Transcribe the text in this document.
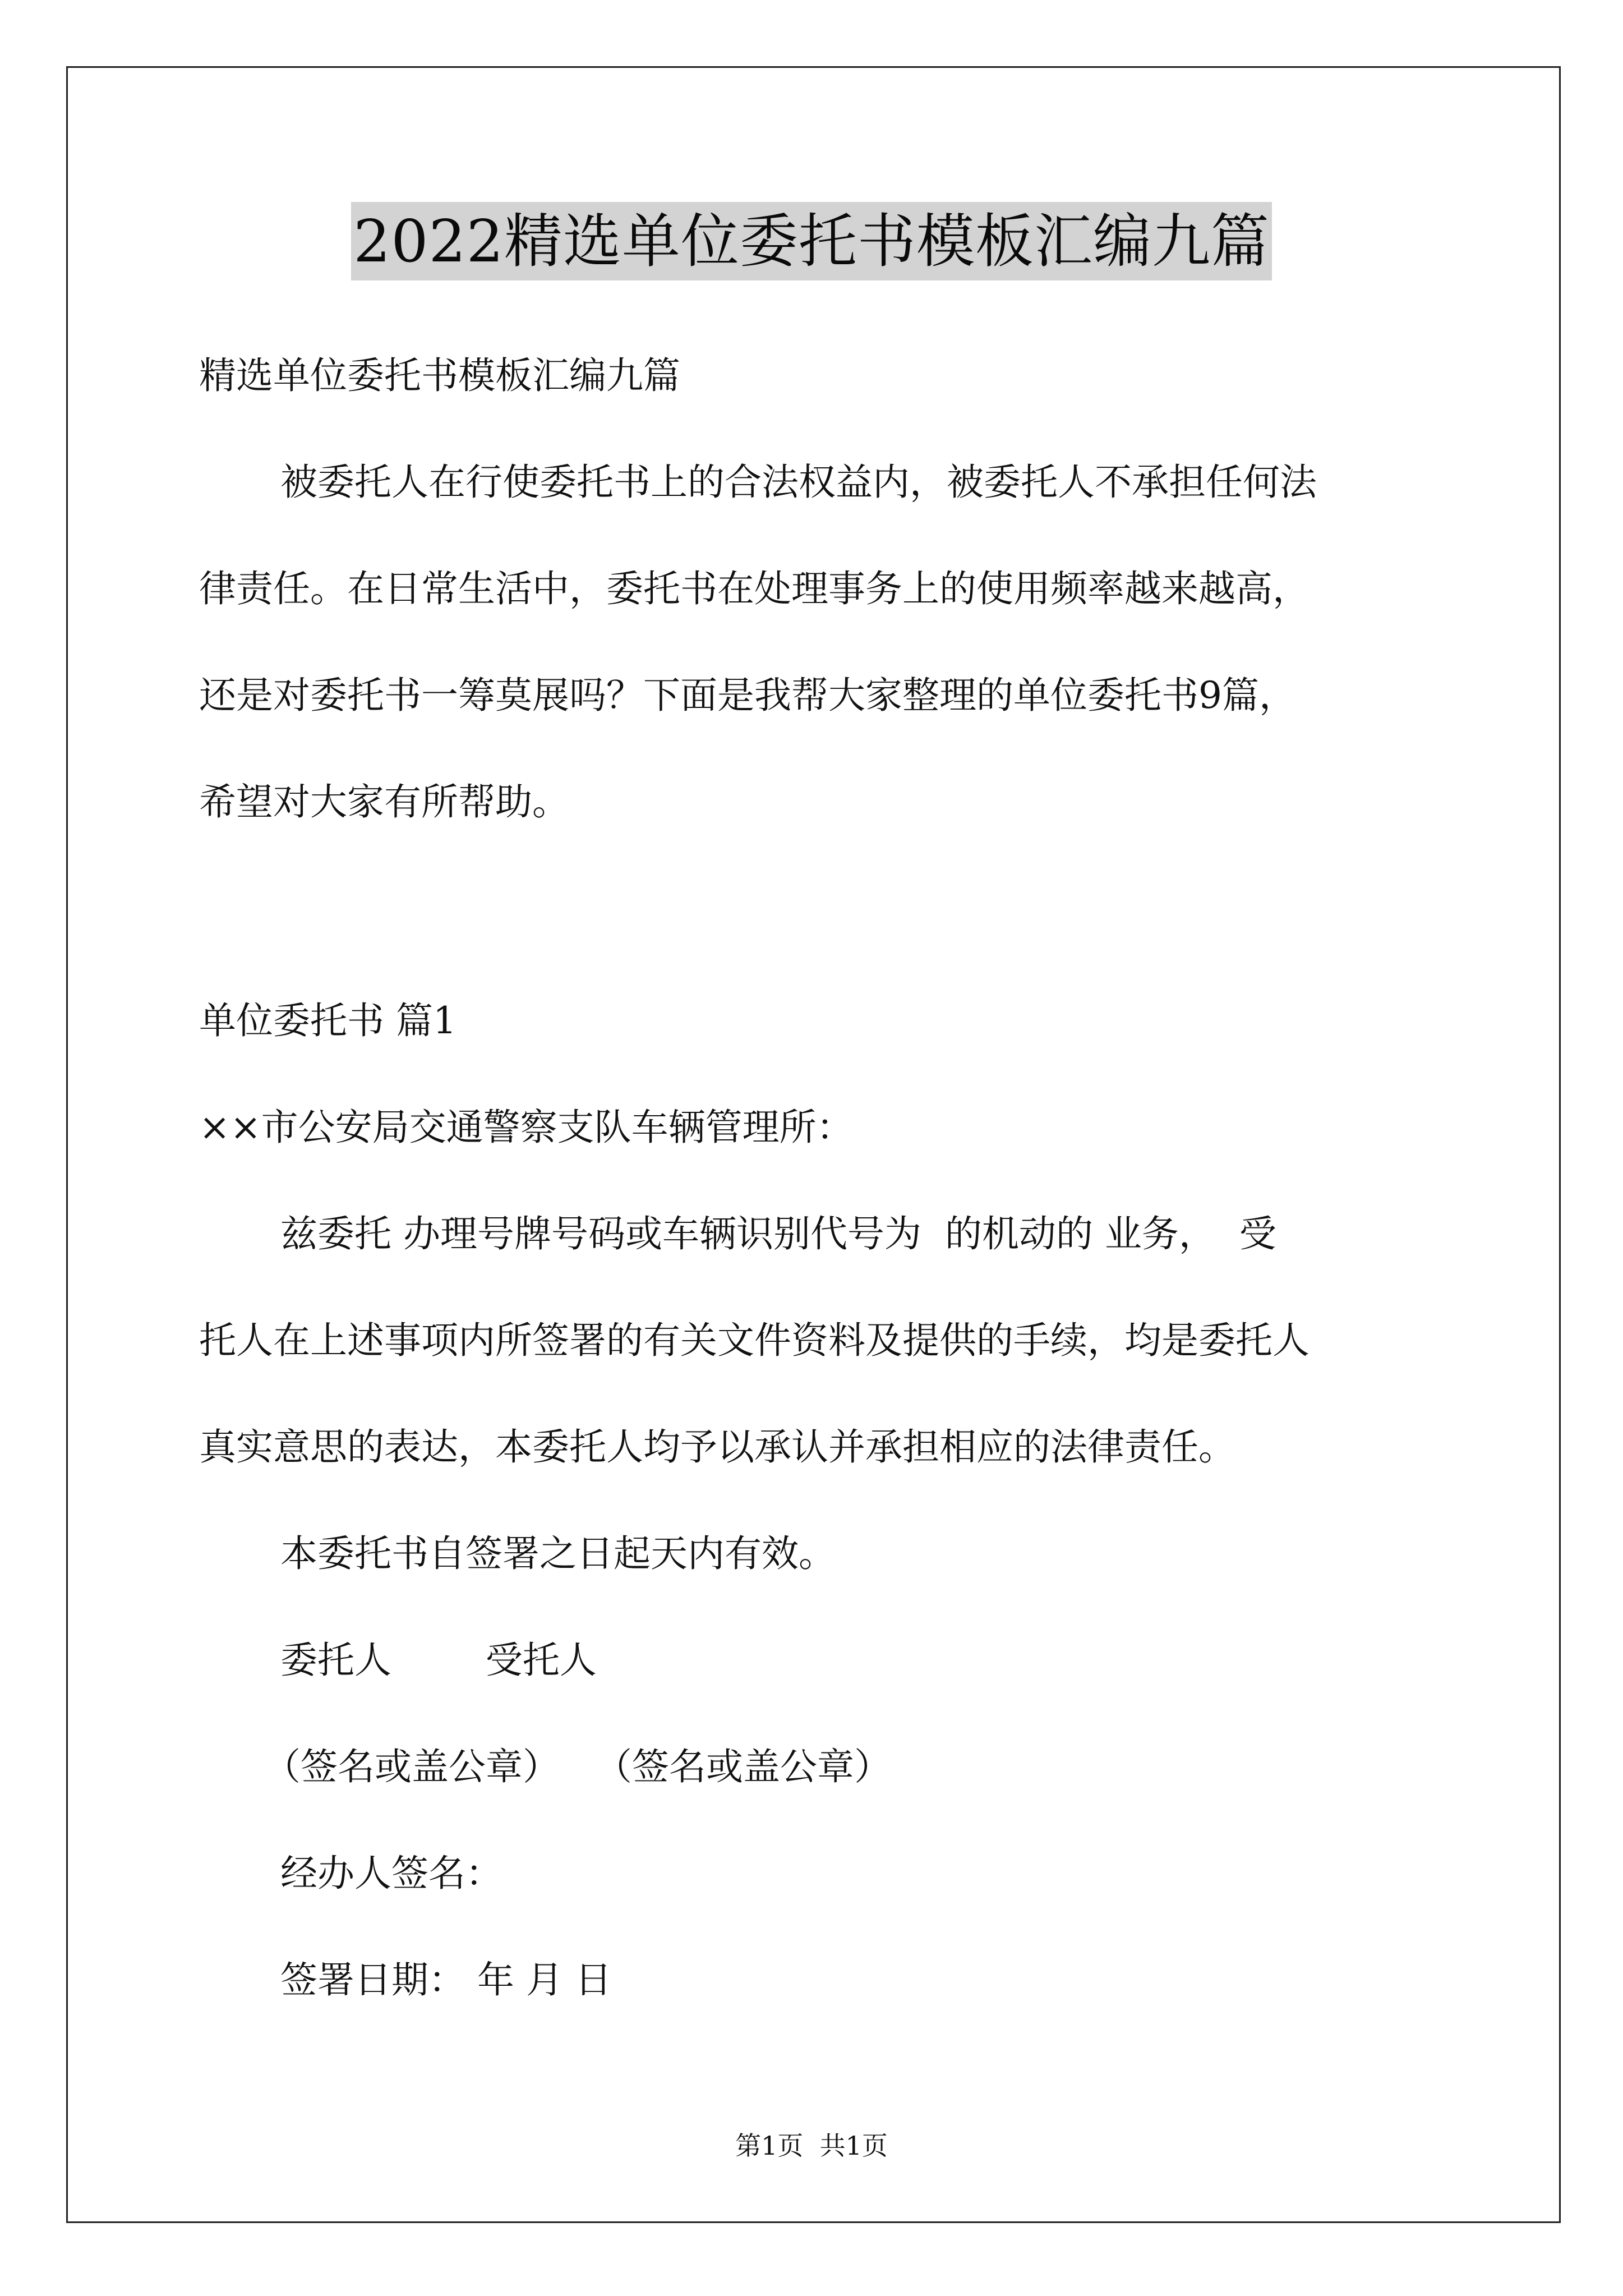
2022精选单位委托书模板汇编九篇
精选单位委托书模板汇编九篇
被委托人在行使委托书上的合法权益内，被委托人不承担任何法
律责任。在日常生活中，委托书在处理事务上的使用频率越来越高，
还是对委托书一筹莫展吗？下面是我帮大家整理的单位委托书9篇，
希望对大家有所帮助。
单位委托书 篇1
××市公安局交通警察支队车辆管理所：
兹委托 办理号牌号码或车辆识别代号为  的机动的 业务，  受
托人在上述事项内所签署的有关文件资料及提供的手续，均是委托人
真实意思的表达，本委托人均予以承认并承担相应的法律责任。
本委托书自签署之日起天内有效。
委托人        受托人
（签名或盖公章）   （签名或盖公章）
经办人签名：
签署日期： 年 月 日
第1页  共1页
